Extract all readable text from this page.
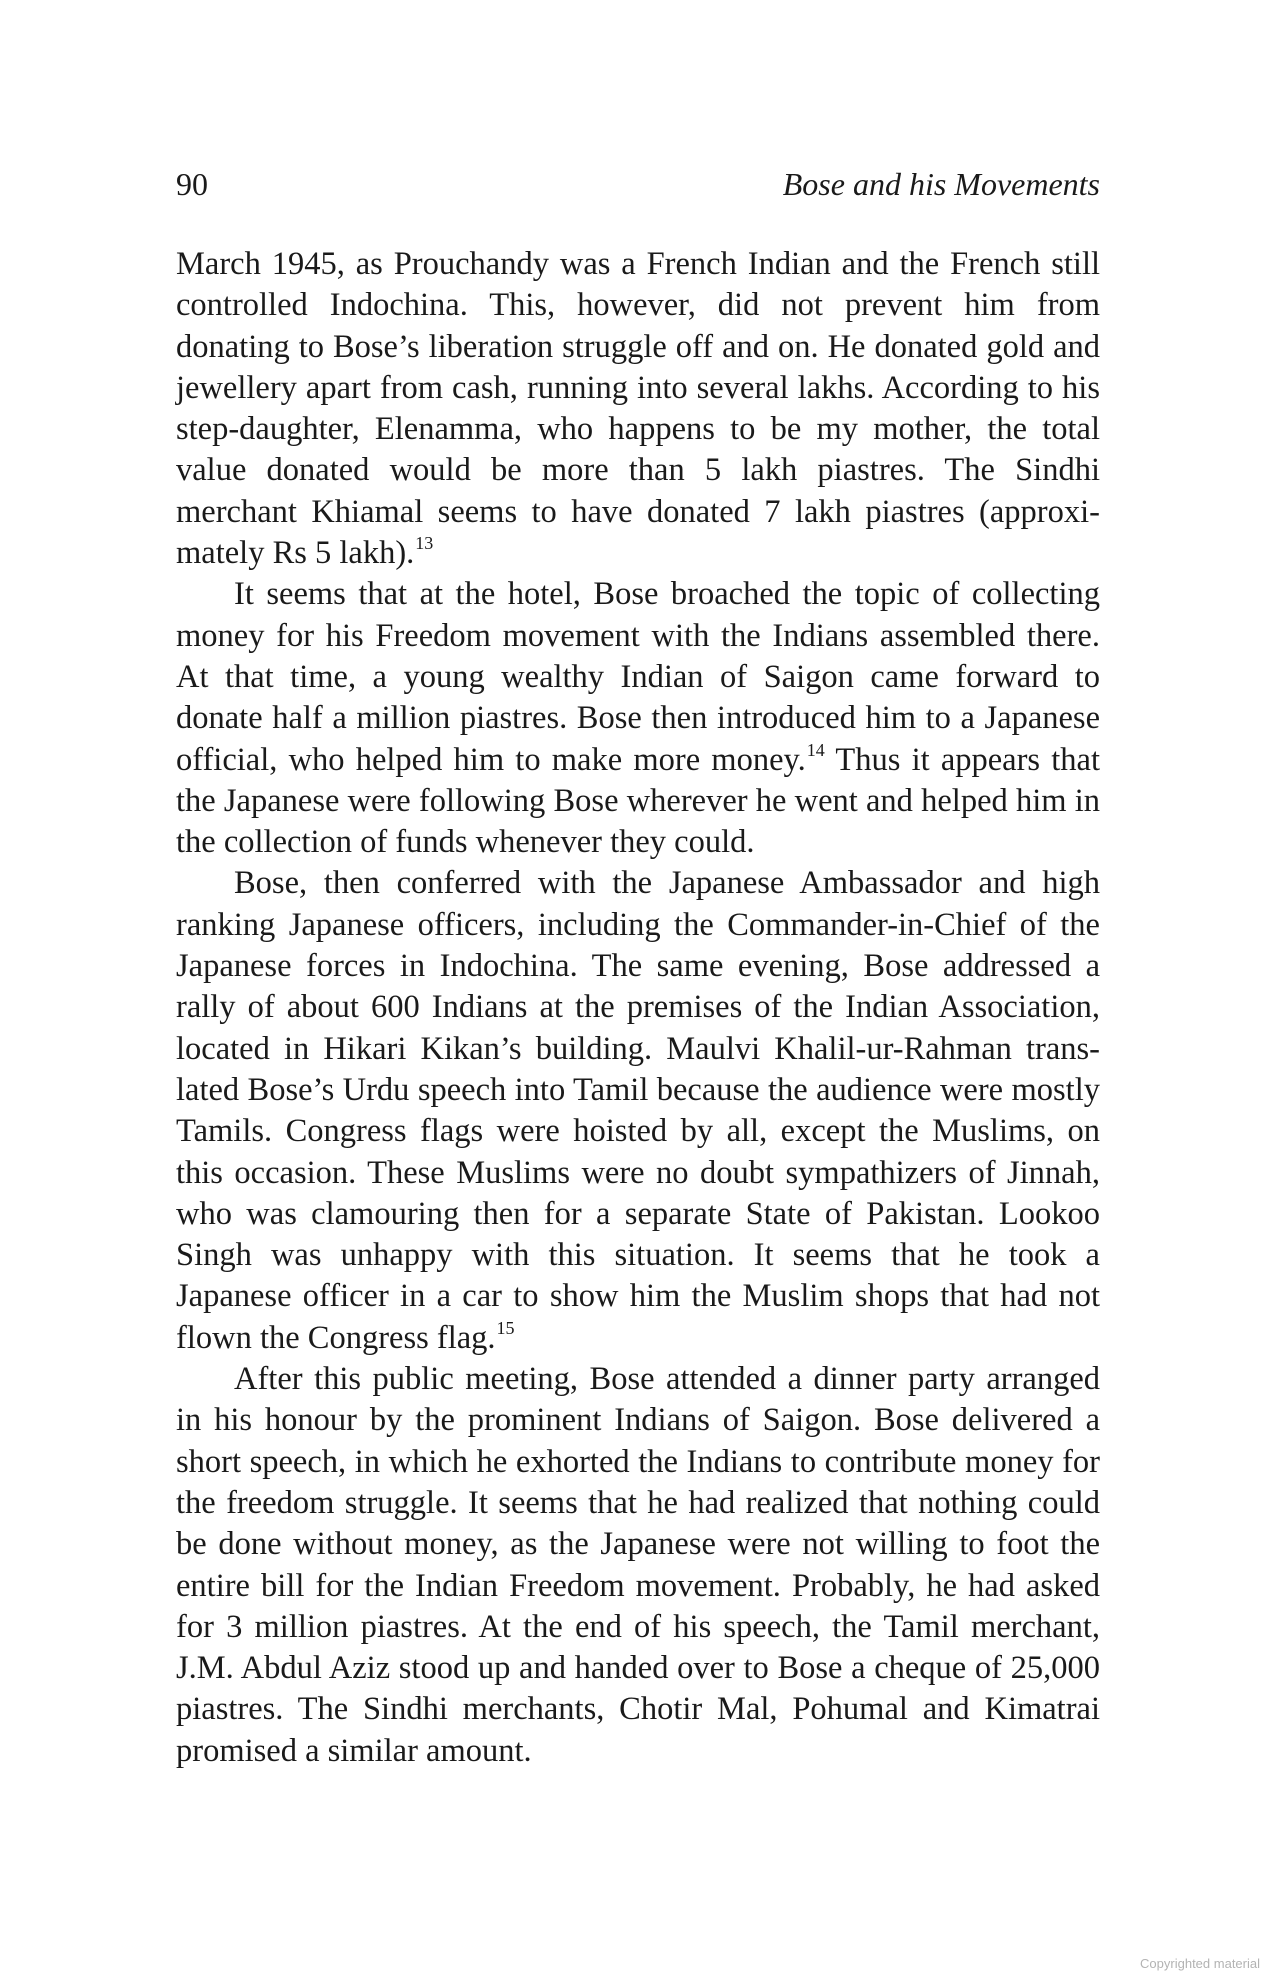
90	Bose and his Movements

March 1945, as Prouchandy was a French Indian and the French still controlled Indochina. This, however, did not prevent him from donating to Bose’s liberation struggle off and on. He donated gold and jewellery apart from cash, running into several lakhs. According to his step-daughter, Elenamma, who happens to be my mother, the total value donated would be more than 5 lakh piastres. The Sindhi merchant Khiamal seems to have donated 7 lakh piastres (approximately Rs 5 lakh).$^{13}$

It seems that at the hotel, Bose broached the topic of collecting money for his Freedom movement with the Indians assembled there. At that time, a young wealthy Indian of Saigon came forward to donate half a million piastres. Bose then introduced him to a Japanese official, who helped him to make more money.$^{14}$ Thus it appears that the Japanese were following Bose wherever he went and helped him in the collection of funds whenever they could.

Bose, then conferred with the Japanese Ambassador and high ranking Japanese officers, including the Commander-in-Chief of the Japanese forces in Indochina. The same evening, Bose addressed a rally of about 600 Indians at the premises of the Indian Association, located in Hikari Kikan’s building. Maulvi Khalil-ur-Rahman translated Bose’s Urdu speech into Tamil because the audience were mostly Tamils. Congress flags were hoisted by all, except the Muslims, on this occasion. These Muslims were no doubt sympathizers of Jinnah, who was clamouring then for a separate State of Pakistan. Lookoo Singh was unhappy with this situation. It seems that he took a Japanese officer in a car to show him the Muslim shops that had not flown the Congress flag.$^{15}$

After this public meeting, Bose attended a dinner party arranged in his honour by the prominent Indians of Saigon. Bose delivered a short speech, in which he exhorted the Indians to contribute money for the freedom struggle. It seems that he had realized that nothing could be done without money, as the Japanese were not willing to foot the entire bill for the Indian Freedom movement. Probably, he had asked for 3 million piastres. At the end of his speech, the Tamil merchant, J.M. Abdul Aziz stood up and handed over to Bose a cheque of 25,000 piastres. The Sindhi merchants, Chotir Mal, Pohumal and Kimatrai promised a similar amount.

Copyrighted material
